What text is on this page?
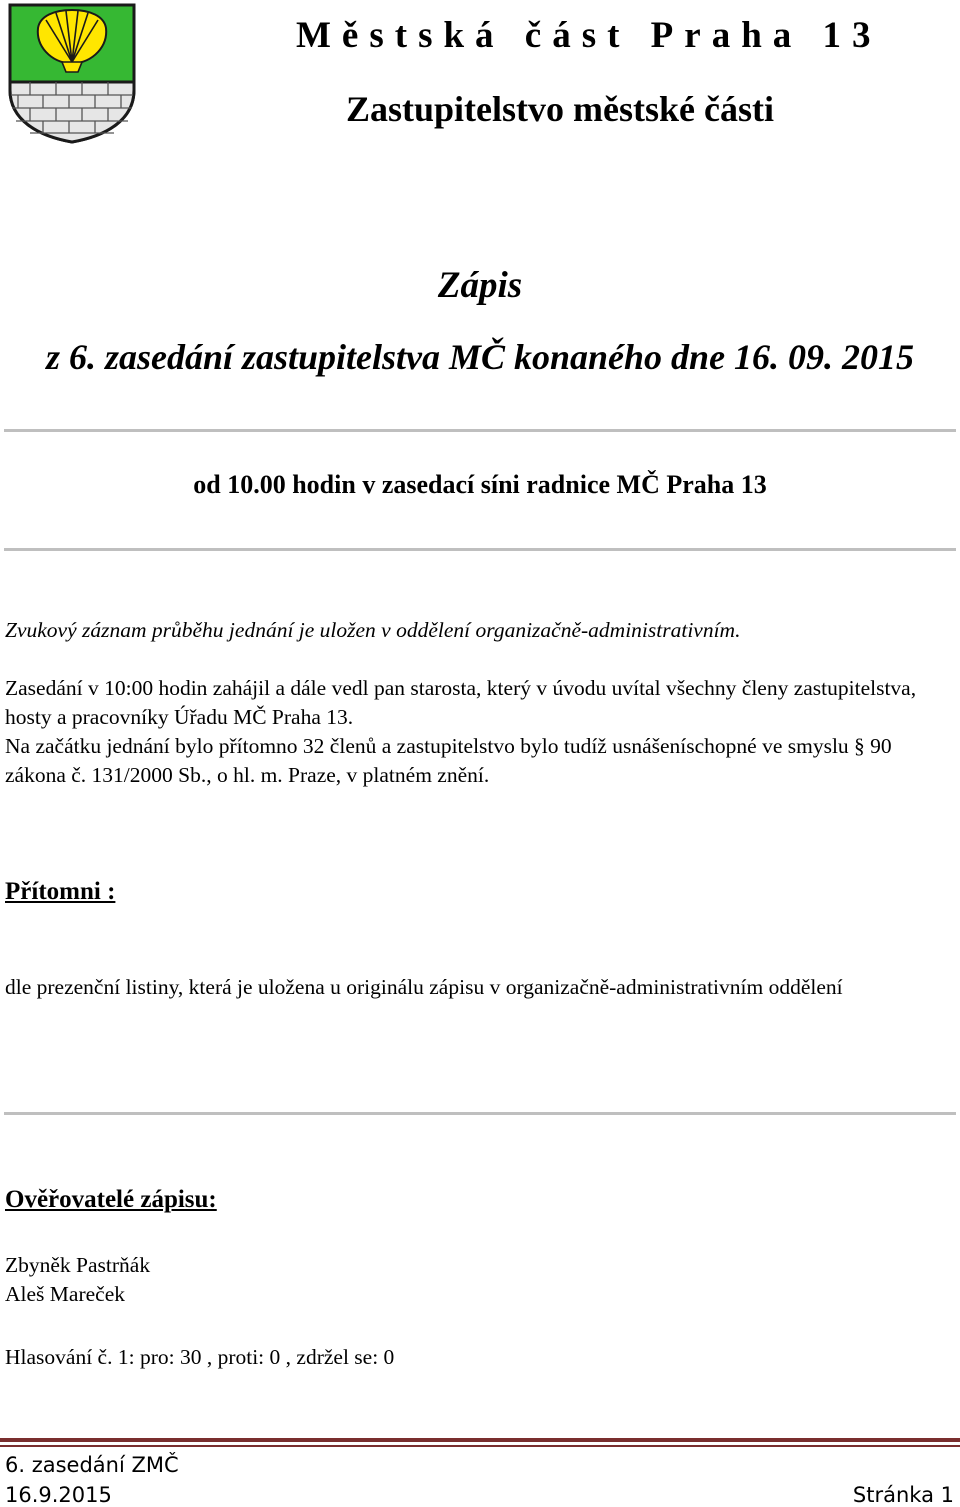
Městská část Praha 13
Zastupitelstvo městské části
Zápis
z 6. zasedání zastupitelstva MČ konaného dne 16. 09. 2015
od 10.00 hodin v zasedací síni radnice MČ Praha 13
Zvukový záznam průběhu jednání je uložen v oddělení organizačně-administrativním.
Zasedání v 10:00 hodin zahájil a dále vedl pan starosta, který v úvodu uvítal všechny členy zastupitelstva, hosty a pracovníky Úřadu MČ Praha 13.
Na začátku jednání bylo přítomno 32 členů a zastupitelstvo bylo tudíž usnášeníschopné ve smyslu § 90 zákona č. 131/2000 Sb., o hl. m. Praze, v platném znění.
Přítomni :
dle prezenční listiny, která je uložena u originálu zápisu v organizačně-administrativním oddělení
Ověřovatelé zápisu:
Zbyněk Pastrňák
Aleš Mareček
Hlasování č. 1: pro: 30 , proti: 0 , zdržel se: 0
6. zasedání ZMČ
16.9.2015	Stránka 1
